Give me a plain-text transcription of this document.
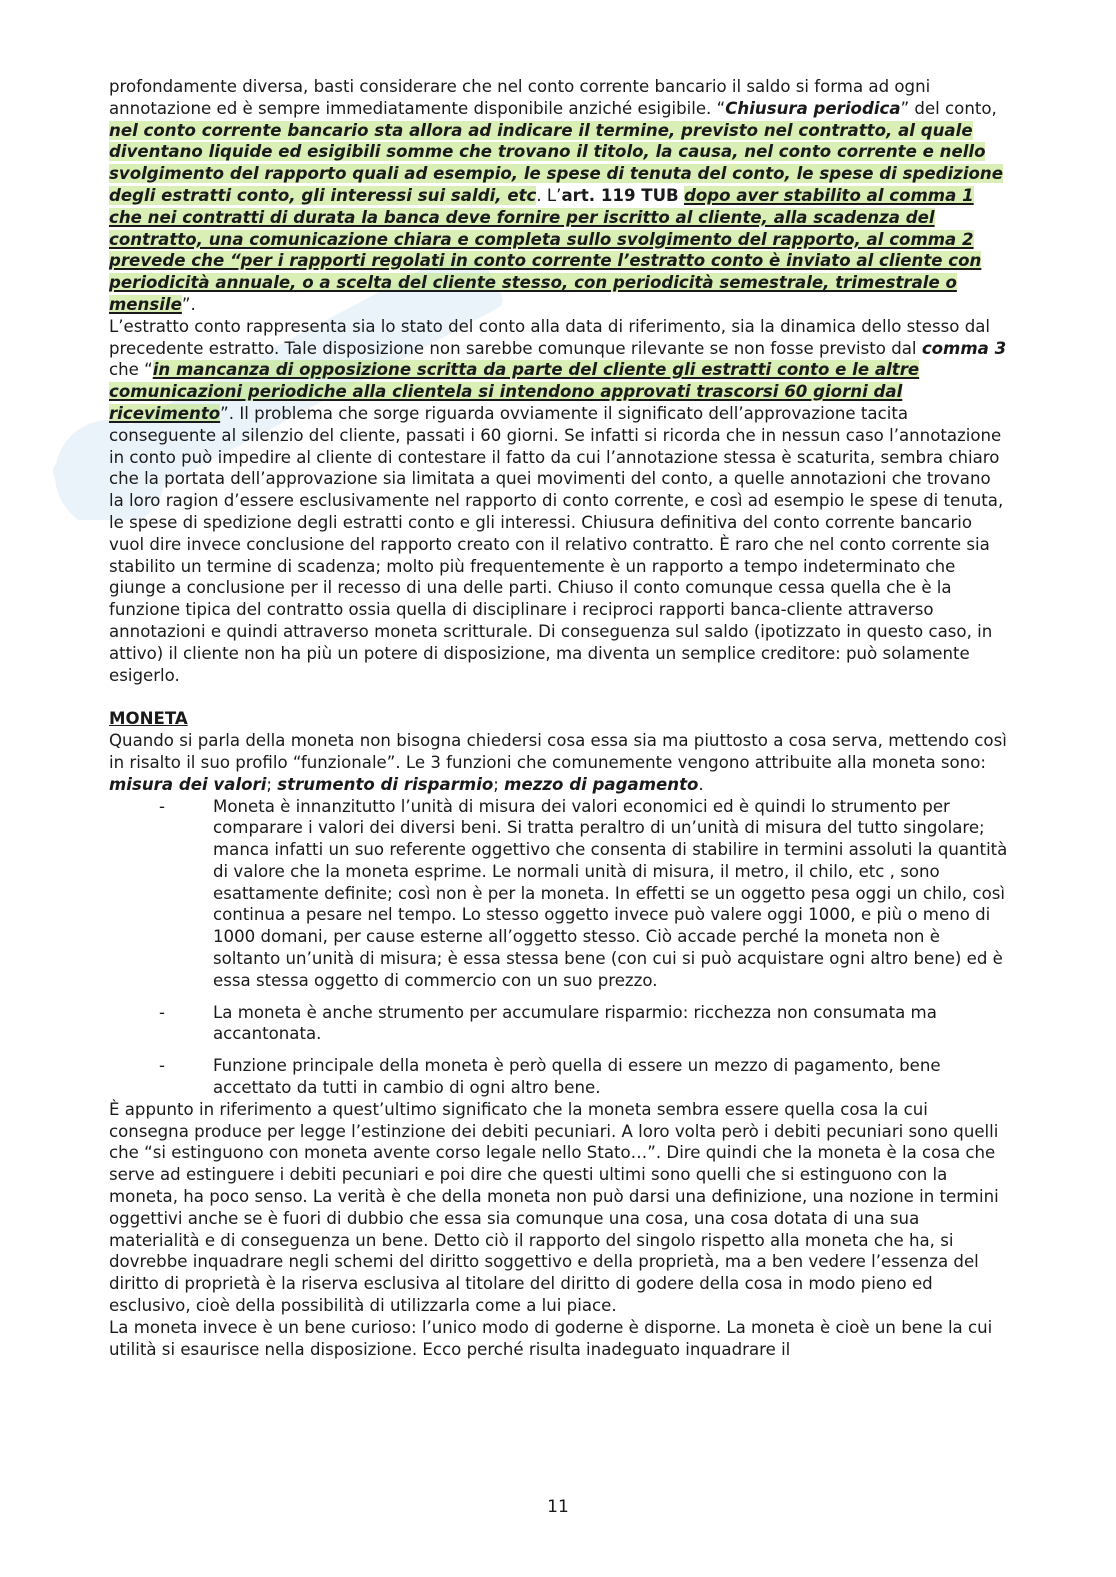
profondamente diversa, basti considerare che nel conto corrente bancario il saldo si forma ad ogni annotazione ed è sempre immediatamente disponibile anziché esigibile. “Chiusura periodica” del conto, nel conto corrente bancario sta allora ad indicare il termine, previsto nel contratto, al quale diventano liquide ed esigibili somme che trovano il titolo, la causa, nel conto corrente e nello svolgimento del rapporto quali ad esempio, le spese di tenuta del conto, le spese di spedizione degli estratti conto, gli interessi sui saldi, etc. L’art. 119 TUB dopo aver stabilito al comma 1 che nei contratti di durata la banca deve fornire per iscritto al cliente, alla scadenza del contratto, una comunicazione chiara e completa sullo svolgimento del rapporto, al comma 2 prevede che “per i rapporti regolati in conto corrente l’estratto conto è inviato al cliente con periodicità annuale, o a scelta del cliente stesso, con periodicità semestrale, trimestrale o mensile”.

L’estratto conto rappresenta sia lo stato del conto alla data di riferimento, sia la dinamica dello stesso dal precedente estratto. Tale disposizione non sarebbe comunque rilevante se non fosse previsto dal comma 3 che “in mancanza di opposizione scritta da parte del cliente gli estratti conto e le altre comunicazioni periodiche alla clientela si intendono approvati trascorsi 60 giorni dal ricevimento”. Il problema che sorge riguarda ovviamente il significato dell’approvazione tacita conseguente al silenzio del cliente, passati i 60 giorni. Se infatti si ricorda che in nessun caso l’annotazione in conto può impedire al cliente di contestare il fatto da cui l’annotazione stessa è scaturita, sembra chiaro che la portata dell’approvazione sia limitata a quei movimenti del conto, a quelle annotazioni che trovano la loro ragion d’essere esclusivamente nel rapporto di conto corrente, e così ad esempio le spese di tenuta, le spese di spedizione degli estratti conto e gli interessi. Chiusura definitiva del conto corrente bancario vuol dire invece conclusione del rapporto creato con il relativo contratto. È raro che nel conto corrente sia stabilito un termine di scadenza; molto più frequentemente è un rapporto a tempo indeterminato che giunge a conclusione per il recesso di una delle parti. Chiuso il conto comunque cessa quella che è la funzione tipica del contratto ossia quella di disciplinare i reciproci rapporti banca-cliente attraverso annotazioni e quindi attraverso moneta scritturale. Di conseguenza sul saldo (ipotizzato in questo caso, in attivo) il cliente non ha più un potere di disposizione, ma diventa un semplice creditore: può solamente esigerlo.

MONETA

Quando si parla della moneta non bisogna chiedersi cosa essa sia ma piuttosto a cosa serva, mettendo così in risalto il suo profilo “funzionale”. Le 3 funzioni che comunemente vengono attribuite alla moneta sono: misura dei valori; strumento di risparmio; mezzo di pagamento.

-	Moneta è innanzitutto l’unità di misura dei valori economici ed è quindi lo strumento per comparare i valori dei diversi beni. Si tratta peraltro di un’unità di misura del tutto singolare; manca infatti un suo referente oggettivo che consenta di stabilire in termini assoluti la quantità di valore che la moneta esprime. Le normali unità di misura, il metro, il chilo, etc , sono esattamente definite; così non è per la moneta. In effetti se un oggetto pesa oggi un chilo, così continua a pesare nel tempo. Lo stesso oggetto invece può valere oggi 1000, e più o meno di 1000 domani, per cause esterne all’oggetto stesso. Ciò accade perché la moneta non è soltanto un’unità di misura; è essa stessa bene (con cui si può acquistare ogni altro bene) ed è essa stessa oggetto di commercio con un suo prezzo.
-	La moneta è anche strumento per accumulare risparmio: ricchezza non consumata ma accantonata.
-	Funzione principale della moneta è però quella di essere un mezzo di pagamento, bene accettato da tutti in cambio di ogni altro bene.

È appunto in riferimento a quest’ultimo significato che la moneta sembra essere quella cosa la cui consegna produce per legge l’estinzione dei debiti pecuniari. A loro volta però i debiti pecuniari sono quelli che “si estinguono con moneta avente corso legale nello Stato…”. Dire quindi che la moneta è la cosa che serve ad estinguere i debiti pecuniari e poi dire che questi ultimi sono quelli che si estinguono con la moneta, ha poco senso. La verità è che della moneta non può darsi una definizione, una nozione in termini oggettivi anche se è fuori di dubbio che essa sia comunque una cosa, una cosa dotata di una sua materialità e di conseguenza un bene. Detto ciò il rapporto del singolo rispetto alla moneta che ha, si dovrebbe inquadrare negli schemi del diritto soggettivo e della proprietà, ma a ben vedere l’essenza del diritto di proprietà è la riserva esclusiva al titolare del diritto di godere della cosa in modo pieno ed esclusivo, cioè della possibilità di utilizzarla come a lui piace.

La moneta invece è un bene curioso: l’unico modo di goderne è disporne. La moneta è cioè un bene la cui utilità si esaurisce nella disposizione. Ecco perché risulta inadeguato inquadrare il

11
